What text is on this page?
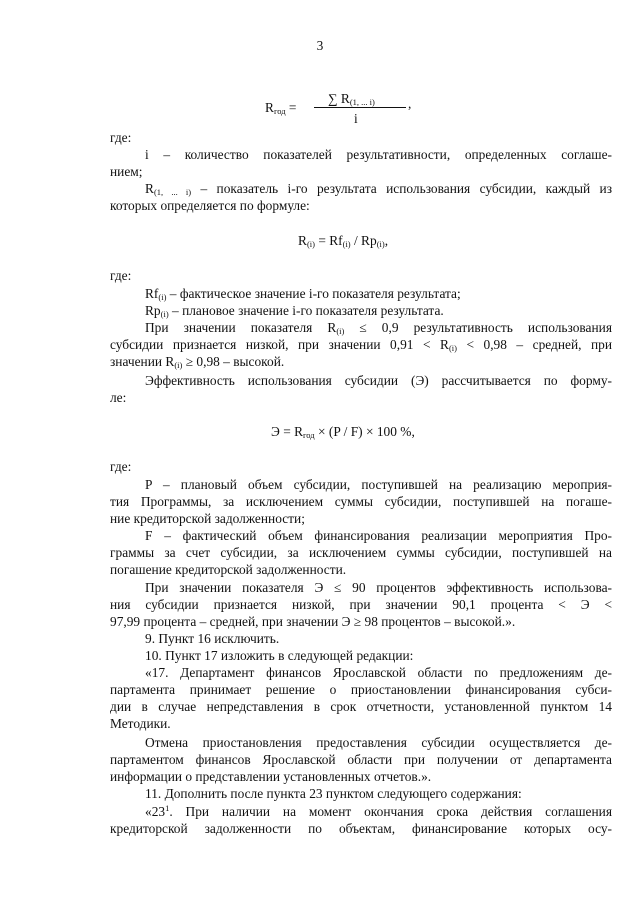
3
$R_{год}$ =
∑ $R_{(1, ... i)}$
i
,
где:
i – количество показателей результативности, определенных соглаше-
нием;
$R_{(1, ... i)}$ – показатель i-го результата использования субсидии, каждый из
которых определяется по формуле:
$R_{(i)} = Rf_{(i)} / Rp_{(i)}$,
где:
$Rf_{(i)}$ – фактическое значение i-го показателя результата;
$Rp_{(i)}$ – плановое значение i-го показателя результата.
При значении показателя $R_{(i)} \le 0,9$ результативность использования
субсидии признается низкой, при значении $0,91 < R_{(i)} < 0,98$ – средней, при
значении $R_{(i)} \ge 0,98$ – высокой.
Эффективность использования субсидии (Э) рассчитывается по форму-
ле:
$Э = R_{год} \times (P / F) \times 100$ %,
где:
P – плановый объем субсидии, поступившей на реализацию мероприя-
тия Программы, за исключением суммы субсидии, поступившей на погаше-
ние кредиторской задолженности;
F – фактический объем финансирования реализации мероприятия Про-
граммы за счет субсидии, за исключением суммы субсидии, поступившей на
погашение кредиторской задолженности.
При значении показателя Э ≤ 90 процентов эффективность использова-
ния субсидии признается низкой, при значении 90,1 процента < Э <
97,99 процента – средней, при значении Э ≥ 98 процентов – высокой.».
9. Пункт 16 исключить.
10. Пункт 17 изложить в следующей редакции:
«17. Департамент финансов Ярославской области по предложениям де-
партамента принимает решение о приостановлении финансирования субси-
дии в случае непредставления в срок отчетности, установленной пунктом 14
Методики.
Отмена приостановления предоставления субсидии осуществляется де-
партаментом финансов Ярославской области при получении от департамента
информации о представлении установленных отчетов.».
11. Дополнить после пункта 23 пунктом следующего содержания:
«$23^1$. При наличии на момент окончания срока действия соглашения
кредиторской задолженности по объектам, финансирование которых осу-
